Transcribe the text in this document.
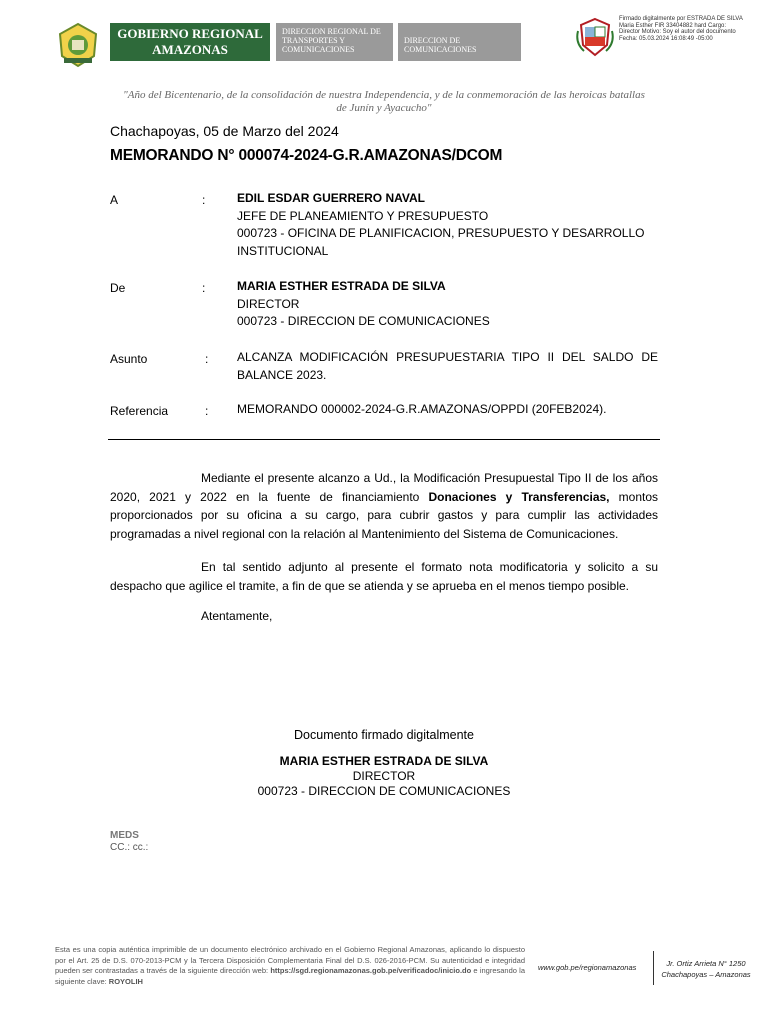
GOBIERNO REGIONAL AMAZONAS
DIRECCION REGIONAL DE TRANSPORTES Y COMUNICACIONES
DIRECCION DE COMUNICACIONES
Firmado digitalmente por ESTRADA DE SILVA Maria Esther FIR 33404882 hard Cargo: Director Motivo: Soy el autor del documento Fecha: 05.03.2024 16:08:49 -05:00
"Año del Bicentenario, de la consolidación de nuestra Independencia, y de la conmemoración de las heroicas batallas de Junín y Ayacucho"
Chachapoyas, 05 de Marzo del 2024
MEMORANDO N° 000074-2024-G.R.AMAZONAS/DCOM
A	:	EDIL ESDAR GUERRERO NAVAL
JEFE DE PLANEAMIENTO Y PRESUPUESTO
000723 - OFICINA DE PLANIFICACION, PRESUPUESTO Y DESARROLLO INSTITUCIONAL
De	:	MARIA ESTHER ESTRADA DE SILVA
DIRECTOR
000723 - DIRECCION DE COMUNICACIONES
Asunto	: ALCANZA MODIFICACIÓN PRESUPUESTARIA TIPO II DEL SALDO DE BALANCE 2023.
Referencia	: MEMORANDO 000002-2024-G.R.AMAZONAS/OPPDI (20FEB2024).
Mediante el presente alcanzo a Ud., la Modificación Presupuestal Tipo II de los años 2020, 2021 y 2022 en la fuente de financiamiento Donaciones y Transferencias, montos proporcionados por su oficina a su cargo, para cubrir gastos y para cumplir las actividades programadas a nivel regional con la relación al Mantenimiento del Sistema de Comunicaciones.
En tal sentido adjunto al presente el formato nota modificatoria y solicito a su despacho que agilice el tramite, a fin de que se atienda y se aprueba en el menos tiempo posible.
Atentamente,
Documento firmado digitalmente
MARIA ESTHER ESTRADA DE SILVA
DIRECTOR
000723 - DIRECCION DE COMUNICACIONES
MEDS
CC.: cc.:
Esta es una copia auténtica imprimible de un documento electrónico archivado en el Gobierno Regional Amazonas, aplicando lo dispuesto por el Art. 25 de D.S. 070-2013-PCM y la Tercera Disposición Complementaria Final del D.S. 026-2016-PCM. Su autenticidad e integridad pueden ser contrastadas a través de la siguiente dirección web: https://sgd.regionamazonas.gob.pe/verificadoc/inicio.do e ingresando la siguiente clave: ROYOLIH
www.gob.pe/regionamazonas	Jr. Ortiz Arrieta N° 1250
Chachapoyas – Amazonas
